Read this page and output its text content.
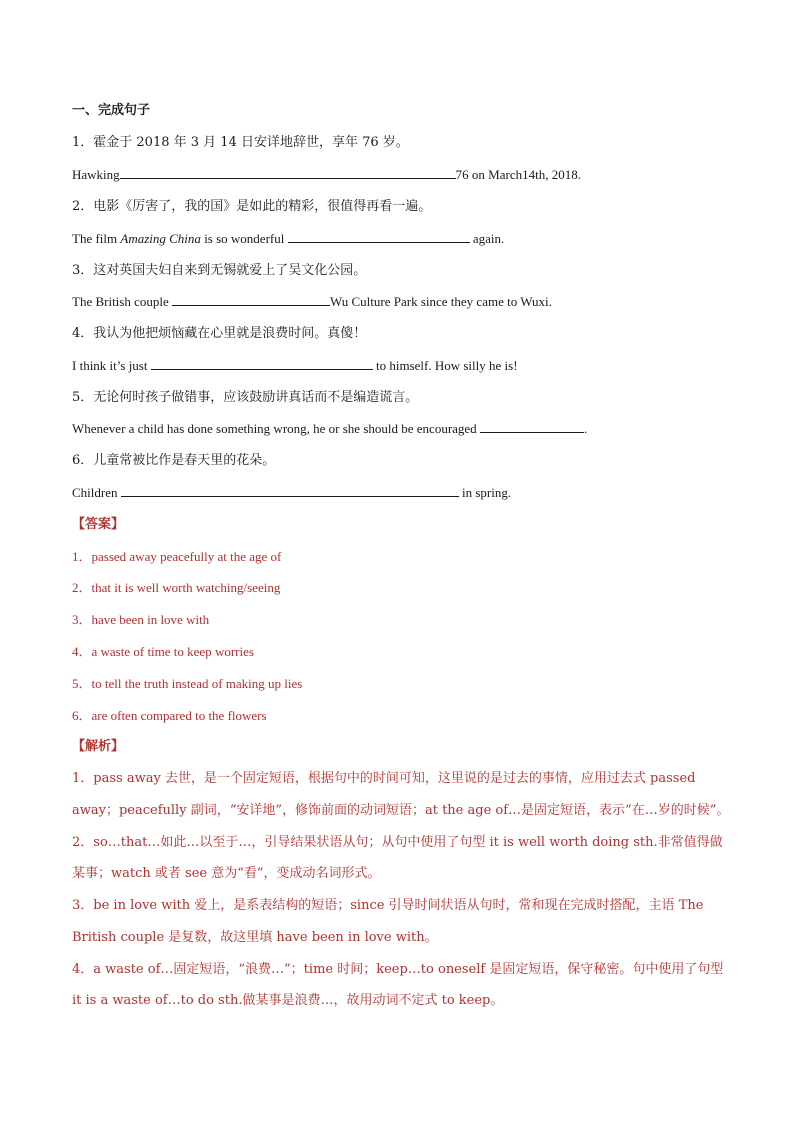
一、完成句子
1．霍金于 2018 年 3 月 14 日安详地辞世，享年 76 岁。
Hawking	76 on March14th, 2018.
2．电影《厉害了，我的国》是如此的精彩，很值得再看一遍。
The film Amazing China is so wonderful	again.
3．这对英国夫妇自来到无锡就爱上了吴文化公园。
The British couple	Wu Culture Park since they came to Wuxi.
4．我认为他把烦恼藏在心里就是浪费时间。真傻！
I think it’s just	to himself. How silly he is!
5．无论何时孩子做错事，应该鼓励讲真话而不是编造谎言。
Whenever a child has done something wrong, he or she should be encouraged	.
6．儿童常被比作是春天里的花朵。
Children	in spring.
【答案】
1．passed away peacefully at the age of
2．that it is well worth watching/seeing
3．have been in love with
4．a waste of time to keep worries
5．to tell the truth instead of making up lies
6．are often compared to the flowers
【解析】
1．pass away 去世，是一个固定短语，根据句中的时间可知，这里说的是过去的事情，应用过去式 passed
away；peacefully 副词，“安详地”，修饰前面的动词短语；at the age of…是固定短语，表示“在…岁的时候”。
2．so…that…如此…以至于…，引导结果状语从句；从句中使用了句型 it is well worth doing sth.非常值得做
某事；watch 或者 see 意为“看”，变成动名词形式。
3．be in love with 爱上，是系表结构的短语；since 引导时间状语从句时，常和现在完成时搭配，主语 The
British couple 是复数，故这里填 have been in love with。
4．a waste of…固定短语，“浪费…”；time 时间；keep…to oneself 是固定短语，保守秘密。句中使用了句型
it is a waste of…to do sth.做某事是浪费…，故用动词不定式 to keep。
